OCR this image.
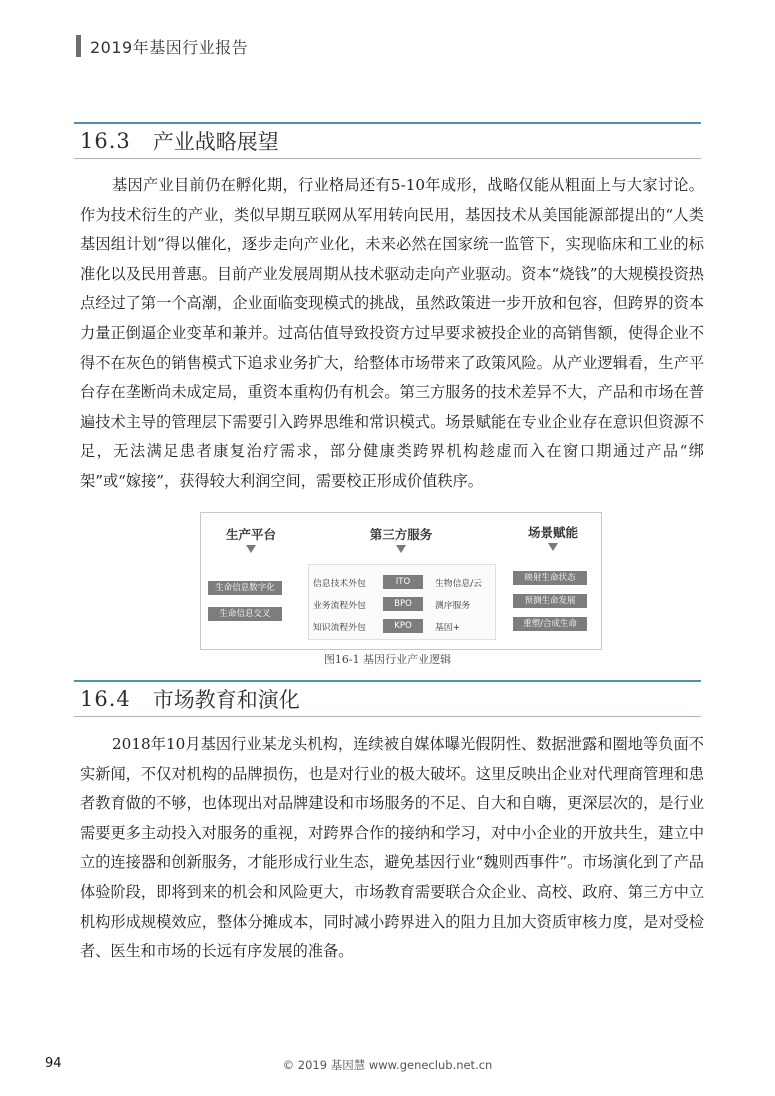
2019年基因行业报告
16.3 产业战略展望

基因产业目前仍在孵化期，行业格局还有5-10年成形，战略仅能从粗面上与大家讨论。作为技术衍生的产业，类似早期互联网从军用转向民用，基因技术从美国能源部提出的“人类基因组计划”得以催化，逐步走向产业化，未来必然在国家统一监管下，实现临床和工业的标准化以及民用普惠。目前产业发展周期从技术驱动走向产业驱动。资本“烧钱”的大规模投资热点经过了第一个高潮，企业面临变现模式的挑战，虽然政策进一步开放和包容，但跨界的资本力量正倒逼企业变革和兼并。过高估值导致投资方过早要求被投企业的高销售额，使得企业不得不在灰色的销售模式下追求业务扩大，给整体市场带来了政策风险。从产业逻辑看，生产平台存在垄断尚未成定局，重资本重构仍有机会。第三方服务的技术差异不大，产品和市场在普遍技术主导的管理层下需要引入跨界思维和常识模式。场景赋能在专业企业存在意识但资源不足，无法满足患者康复治疗需求，部分健康类跨界机构趁虚而入在窗口期通过产品“绑架”或“嫁接”，获得较大利润空间，需要校正形成价值秩序。

生产平台
生命信息数字化
生命信息交叉
第三方服务
信息技术外包	ITO	生物信息/云
业务流程外包	BPO	测序服务
知识流程外包	KPO	基因+
场景赋能
映射生命状态
预测生命发展
重塑/合成生命
图16-1 基因行业产业逻辑
16.4 市场教育和演化

2018年10月基因行业某龙头机构，连续被自媒体曝光假阴性、数据泄露和圈地等负面不实新闻，不仅对机构的品牌损伤，也是对行业的极大破坏。这里反映出企业对代理商管理和患者教育做的不够，也体现出对品牌建设和市场服务的不足、自大和自嗨，更深层次的，是行业需要更多主动投入对服务的重视，对跨界合作的接纳和学习，对中小企业的开放共生，建立中立的连接器和创新服务，才能形成行业生态，避免基因行业“魏则西事件”。市场演化到了产品体验阶段，即将到来的机会和风险更大，市场教育需要联合众企业、高校、政府、第三方中立机构形成规模效应，整体分摊成本，同时减小跨界进入的阻力且加大资质审核力度，是对受检者、医生和市场的长远有序发展的准备。

94	© 2019 基因慧 www.geneclub.net.cn
